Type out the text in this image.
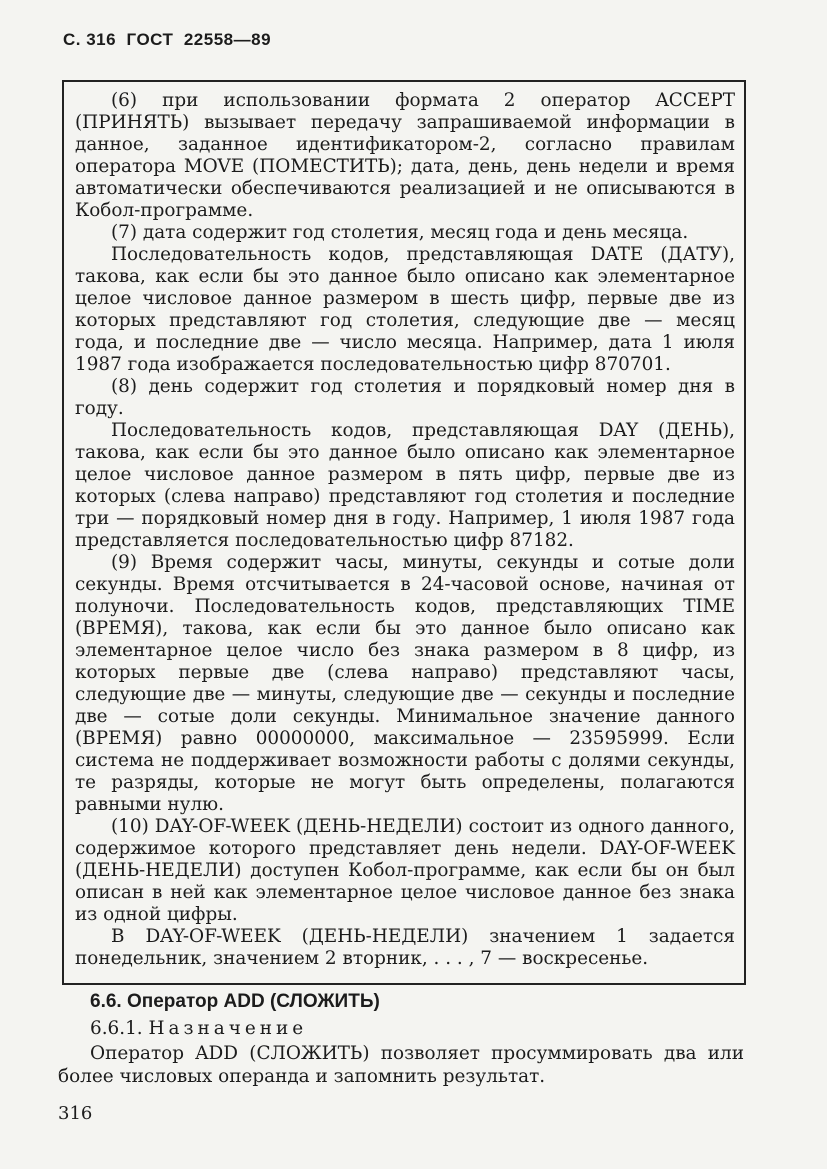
С. 316  ГОСТ  22558—89

(6) при использовании формата 2 оператор ACCEPT (ПРИНЯТЬ) вызывает передачу запрашиваемой информации в данное, заданное идентификатором-2, согласно правилам оператора MOVE (ПОМЕСТИТЬ); дата, день, день недели и время автоматически обеспечиваются реализацией и не описываются в Кобол-программе.

(7) дата содержит год столетия, месяц года и день месяца.

Последовательность кодов, представляющая DATE (ДАТУ), такова, как если бы это данное было описано как элементарное целое числовое данное размером в шесть цифр, первые две из которых представляют год столетия, следующие две — месяц года, и последние две — число месяца. Например, дата 1 июля 1987 года изображается последовательностью цифр 870701.

(8) день содержит год столетия и порядковый номер дня в году.

Последовательность кодов, представляющая DAY (ДЕНЬ), такова, как если бы это данное было описано как элементарное целое числовое данное размером в пять цифр, первые две из которых (слева направо) представляют год столетия и последние три — порядковый номер дня в году. Например, 1 июля 1987 года представляется последовательностью цифр 87182.

(9) Время содержит часы, минуты, секунды и сотые доли секунды. Время отсчитывается в 24-часовой основе, начиная от полуночи. Последовательность кодов, представляющих TIME (ВРЕМЯ), такова, как если бы это данное было описано как элементарное целое число без знака размером в 8 цифр, из которых первые две (слева направо) представляют часы, следующие две — минуты, следующие две — секунды и последние две — сотые доли секунды. Минимальное значение данного (ВРЕМЯ) равно 00000000, максимальное — 23595999. Если система не поддерживает возможности работы с долями секунды, те разряды, которые не могут быть определены, полагаются равными нулю.

(10) DAY-OF-WEEK (ДЕНЬ-НЕДЕЛИ) состоит из одного данного, содержимое которого представляет день недели. DAY-OF-WEEK (ДЕНЬ-НЕДЕЛИ) доступен Кобол-программе, как если бы он был описан в ней как элементарное целое числовое данное без знака из одной цифры.

В DAY-OF-WEEK (ДЕНЬ-НЕДЕЛИ) значением 1 задается понедельник, значением 2 вторник, . . . , 7 — воскресенье.

6.6. Оператор ADD (СЛОЖИТЬ)
6.6.1. Назначение

Оператор ADD (СЛОЖИТЬ) позволяет просуммировать два или более числовых операнда и запомнить результат.

316
